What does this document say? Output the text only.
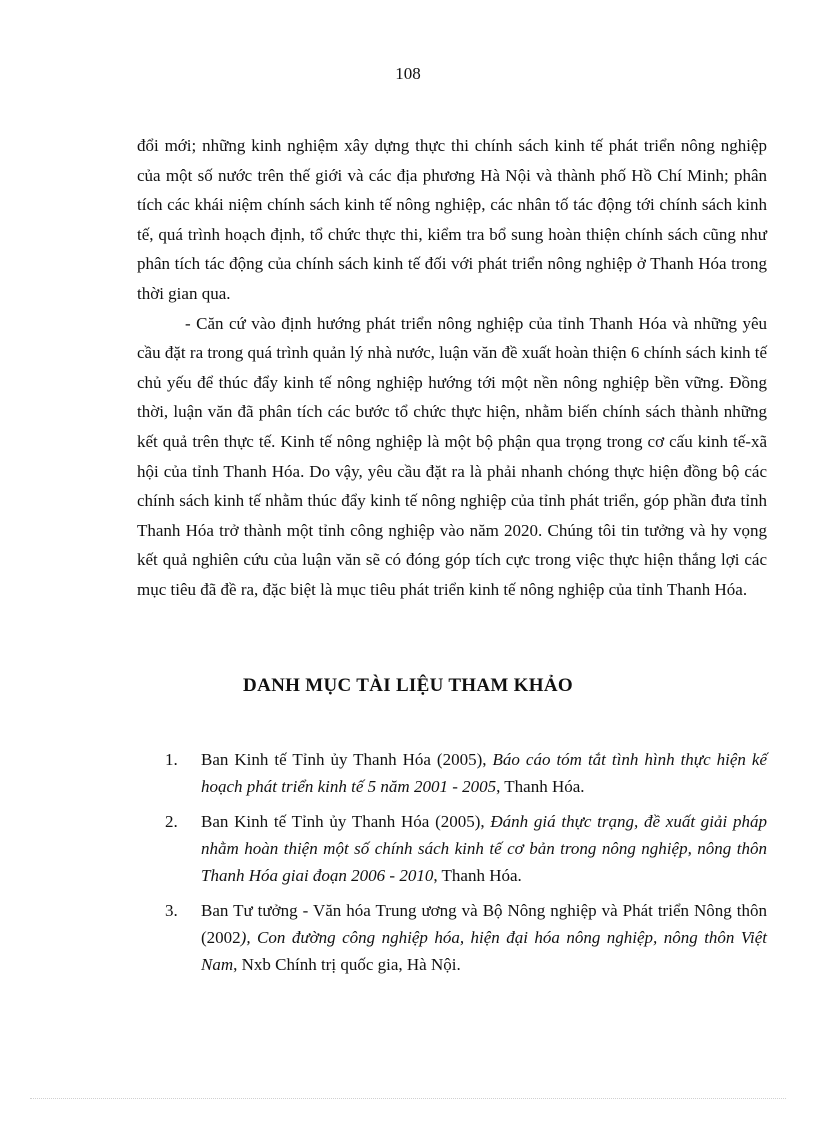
108

đổi mới; những kinh nghiệm xây dựng thực thi chính sách kinh tế phát triển nông nghiệp của một số nước trên thế giới và các địa phương Hà Nội và thành phố Hồ Chí Minh; phân tích các khái niệm chính sách kinh tế nông nghiệp, các nhân tố tác động tới chính sách kinh tế, quá trình hoạch định, tổ chức thực thi, kiểm tra bổ sung hoàn thiện chính sách cũng như phân tích tác động của chính sách kinh tế đối với phát triển nông nghiệp ở Thanh Hóa trong thời gian qua.

- Căn cứ vào định hướng phát triển nông nghiệp của tỉnh Thanh Hóa và những yêu cầu đặt ra trong quá trình quản lý nhà nước, luận văn đề xuất hoàn thiện 6 chính sách kinh tế chủ yếu để thúc đẩy kinh tế nông nghiệp hướng tới một nền nông nghiệp bền vững. Đồng thời, luận văn đã phân tích các bước tổ chức thực hiện, nhằm biến chính sách thành những kết quả trên thực tế. Kinh tế nông nghiệp là một bộ phận qua trọng trong cơ cấu kinh tế-xã hội của tỉnh Thanh Hóa. Do vậy, yêu cầu đặt ra là phải nhanh chóng thực hiện đồng bộ các chính sách kinh tế nhằm thúc đẩy kinh tế nông nghiệp của tỉnh phát triển, góp phần đưa tỉnh Thanh Hóa trở thành một tỉnh công nghiệp vào năm 2020. Chúng tôi tin tưởng và hy vọng kết quả nghiên cứu của luận văn sẽ có đóng góp tích cực trong việc thực hiện thắng lợi các mục tiêu đã đề ra, đặc biệt là mục tiêu phát triển kinh tế nông nghiệp của tỉnh Thanh Hóa.

DANH MỤC TÀI LIỆU THAM KHẢO
1. Ban Kinh tế Tỉnh ủy Thanh Hóa (2005), Báo cáo tóm tắt tình hình thực hiện kế hoạch phát triển kinh tế 5 năm 2001 - 2005, Thanh Hóa.
2. Ban Kinh tế Tỉnh ủy Thanh Hóa (2005), Đánh giá thực trạng, đề xuất giải pháp nhằm hoàn thiện một số chính sách kinh tế cơ bản trong nông nghiệp, nông thôn Thanh Hóa giai đoạn 2006 - 2010, Thanh Hóa.
3. Ban Tư tưởng - Văn hóa Trung ương và Bộ Nông nghiệp và Phát triển Nông thôn (2002), Con đường công nghiệp hóa, hiện đại hóa nông nghiệp, nông thôn Việt Nam, Nxb Chính trị quốc gia, Hà Nội.
